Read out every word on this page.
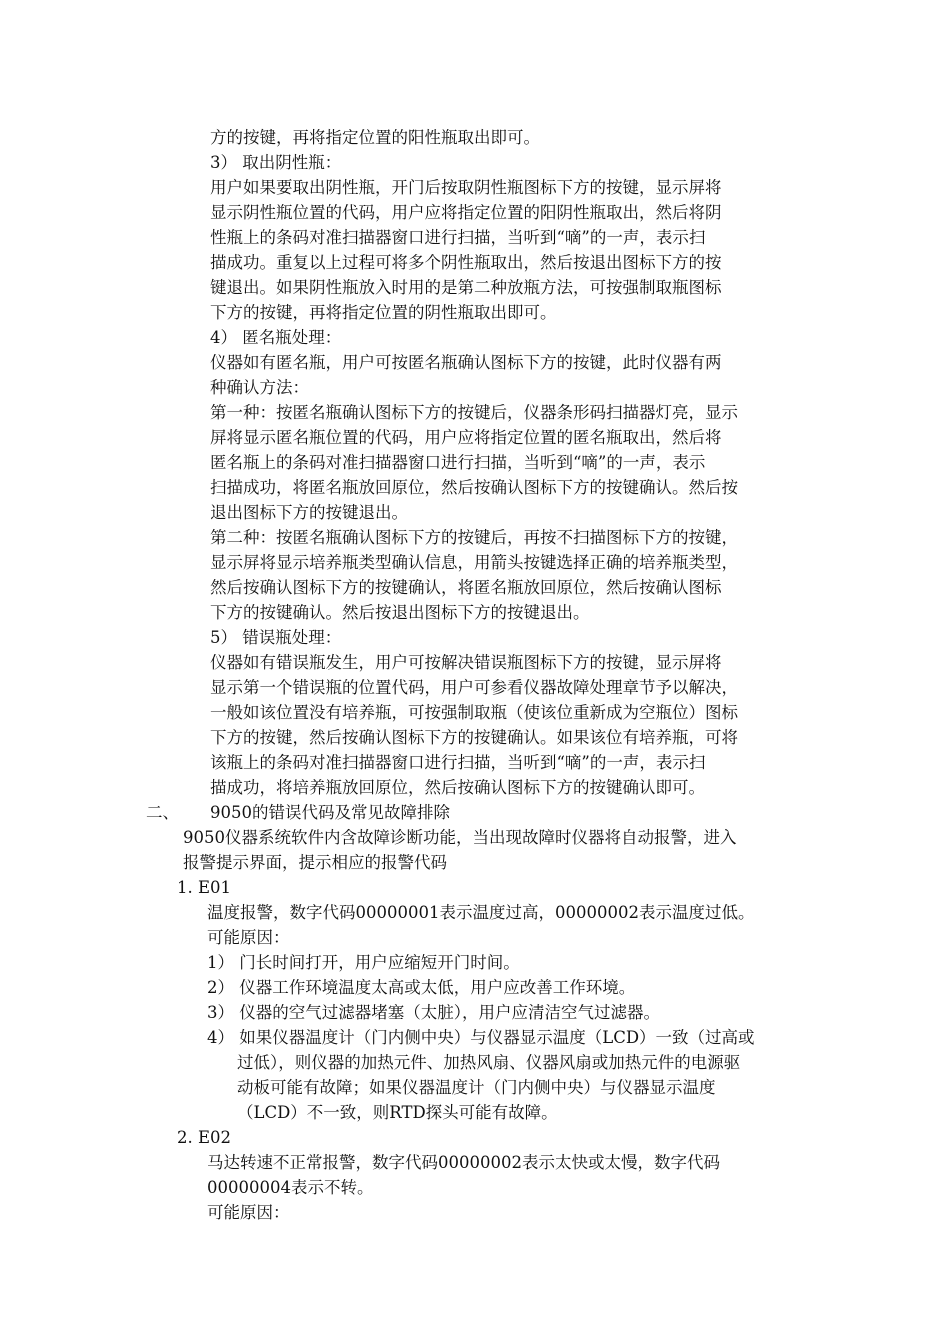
方的按键，再将指定位置的阳性瓶取出即可。
3） 取出阴性瓶：
用户如果要取出阴性瓶，开门后按取阴性瓶图标下方的按键，显示屏将
显示阴性瓶位置的代码，用户应将指定位置的阳阴性瓶取出，然后将阴
性瓶上的条码对准扫描器窗口进行扫描，当听到“嘀”的一声，表示扫
描成功。重复以上过程可将多个阴性瓶取出，然后按退出图标下方的按
键退出。如果阴性瓶放入时用的是第二种放瓶方法，可按强制取瓶图标
下方的按键，再将指定位置的阴性瓶取出即可。
4） 匿名瓶处理：
仪器如有匿名瓶，用户可按匿名瓶确认图标下方的按键，此时仪器有两
种确认方法：
第一种：按匿名瓶确认图标下方的按键后，仪器条形码扫描器灯亮，显示
屏将显示匿名瓶位置的代码，用户应将指定位置的匿名瓶取出，然后将
匿名瓶上的条码对准扫描器窗口进行扫描，当听到“嘀”的一声，表示
扫描成功，将匿名瓶放回原位，然后按确认图标下方的按键确认。然后按
退出图标下方的按键退出。
第二种：按匿名瓶确认图标下方的按键后，再按不扫描图标下方的按键，
显示屏将显示培养瓶类型确认信息，用箭头按键选择正确的培养瓶类型，
然后按确认图标下方的按键确认，将匿名瓶放回原位，然后按确认图标
下方的按键确认。然后按退出图标下方的按键退出。
5） 错误瓶处理：
仪器如有错误瓶发生，用户可按解决错误瓶图标下方的按键，显示屏将
显示第一个错误瓶的位置代码，用户可参看仪器故障处理章节予以解决，
一般如该位置没有培养瓶，可按强制取瓶（使该位重新成为空瓶位）图标
下方的按键，然后按确认图标下方的按键确认。如果该位有培养瓶，可将
该瓶上的条码对准扫描器窗口进行扫描，当听到“嘀”的一声，表示扫
描成功，将培养瓶放回原位，然后按确认图标下方的按键确认即可。
二、 9050的错误代码及常见故障排除
9050仪器系统软件内含故障诊断功能，当出现故障时仪器将自动报警，进入
报警提示界面，提示相应的报警代码
1. E01
温度报警，数字代码00000001表示温度过高，00000002表示温度过低。
可能原因：
1） 门长时间打开，用户应缩短开门时间。
2） 仪器工作环境温度太高或太低，用户应改善工作环境。
3） 仪器的空气过滤器堵塞（太脏），用户应清洁空气过滤器。
4） 如果仪器温度计（门内侧中央）与仪器显示温度（LCD）一致（过高或
过低），则仪器的加热元件、加热风扇、仪器风扇或加热元件的电源驱
动板可能有故障；如果仪器温度计（门内侧中央）与仪器显示温度
（LCD）不一致，则RTD探头可能有故障。
2. E02
马达转速不正常报警，数字代码00000002表示太快或太慢，数字代码
00000004表示不转。
可能原因：
